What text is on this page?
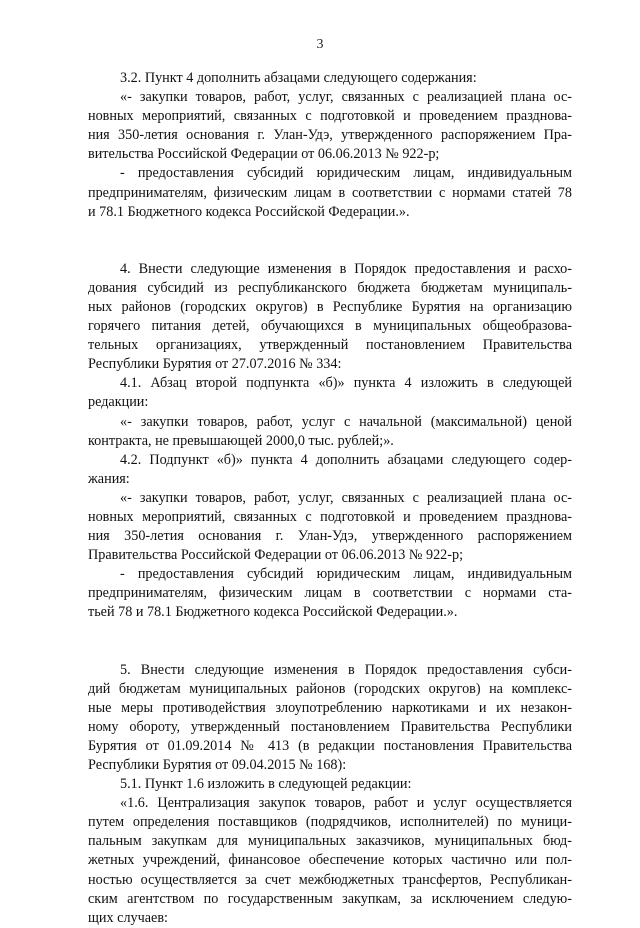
3
3.2. Пункт 4 дополнить абзацами следующего содержания:
«- закупки товаров, работ, услуг, связанных с реализацией плана ос-
новных мероприятий, связанных с подготовкой и проведением празднова-
ния 350-летия основания г. Улан-Удэ, утвержденного распоряжением Пра-
вительства Российской Федерации от 06.06.2013 № 922-р;
- предоставления субсидий юридическим лицам, индивидуальным
предпринимателям, физическим лицам в соответствии с нормами статей 78
и 78.1 Бюджетного кодекса Российской Федерации.».
4. Внести следующие изменения в Порядок предоставления и расхо-
дования субсидий из республиканского бюджета бюджетам муниципаль-
ных районов (городских округов) в Республике Бурятия на организацию
горячего питания детей, обучающихся в муниципальных общеобразова-
тельных организациях, утвержденный постановлением Правительства
Республики Бурятия от 27.07.2016 № 334:
4.1. Абзац второй подпункта «б)» пункта 4 изложить в следующей
редакции:
«- закупки товаров, работ, услуг с начальной (максимальной) ценой
контракта, не превышающей 2000,0 тыс. рублей;».
4.2. Подпункт «б)» пункта 4 дополнить абзацами следующего содер-
жания:
«- закупки товаров, работ, услуг, связанных с реализацией плана ос-
новных мероприятий, связанных с подготовкой и проведением празднова-
ния 350-летия основания г. Улан-Удэ, утвержденного распоряжением
Правительства Российской Федерации от 06.06.2013 № 922-р;
- предоставления субсидий юридическим лицам, индивидуальным
предпринимателям, физическим лицам в соответствии с нормами ста-
тьей 78 и 78.1 Бюджетного кодекса Российской Федерации.».
5. Внести следующие изменения в Порядок предоставления субси-
дий бюджетам муниципальных районов (городских округов) на комплекс-
ные меры противодействия злоупотреблению наркотиками и их незакон-
ному обороту, утвержденный постановлением Правительства Республики
Бурятия от 01.09.2014 № 413 (в редакции постановления Правительства
Республики Бурятия от 09.04.2015 № 168):
5.1. Пункт 1.6 изложить в следующей редакции:
«1.6. Централизация закупок товаров, работ и услуг осуществляется
путем определения поставщиков (подрядчиков, исполнителей) по муници-
пальным закупкам для муниципальных заказчиков, муниципальных бюд-
жетных учреждений, финансовое обеспечение которых частично или пол-
ностью осуществляется за счет межбюджетных трансфертов, Республикан-
ским агентством по государственным закупкам, за исключением следую-
щих случаев:
